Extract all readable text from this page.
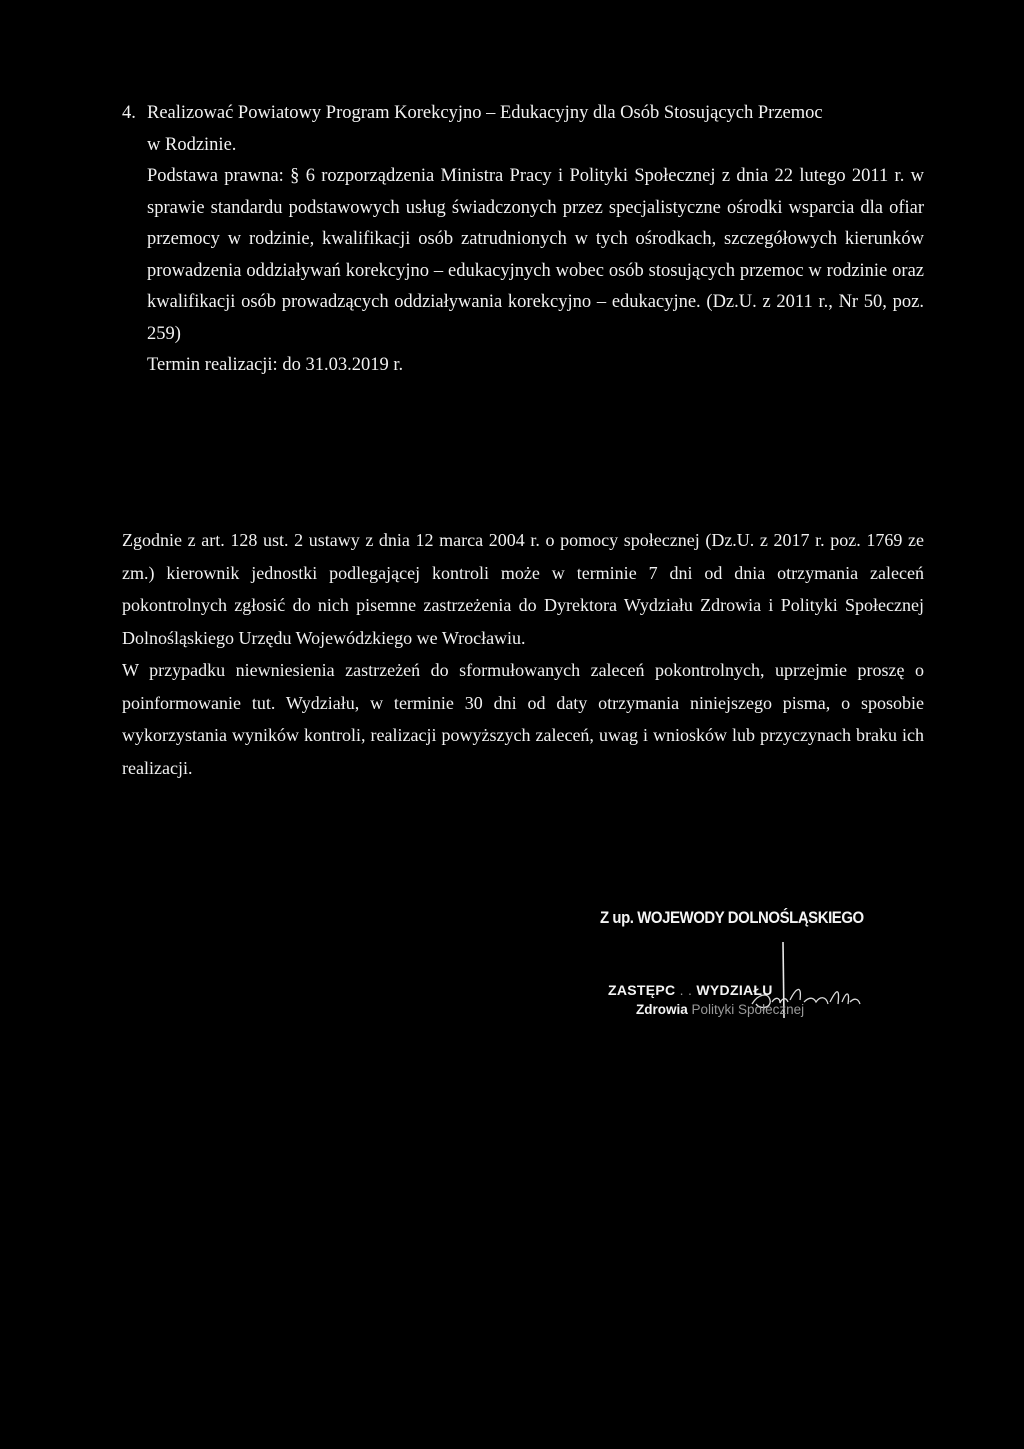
4. Realizować Powiatowy Program Korekcyjno – Edukacyjny dla Osób Stosujących Przemoc

w Rodzinie.

Podstawa prawna: § 6 rozporządzenia Ministra Pracy i Polityki Społecznej z dnia 22 lutego 2011 r. w sprawie standardu podstawowych usług świadczonych przez specjalistyczne ośrodki wsparcia dla ofiar przemocy w rodzinie, kwalifikacji osób zatrudnionych w tych ośrodkach, szczegółowych kierunków prowadzenia oddziaływań korekcyjno – edukacyjnych wobec osób stosujących przemoc w rodzinie oraz kwalifikacji osób prowadzących oddziaływania korekcyjno – edukacyjne. (Dz.U. z 2011 r., Nr 50, poz. 259)

Termin realizacji: do 31.03.2019 r.

Zgodnie z art. 128 ust. 2 ustawy z dnia 12 marca 2004 r. o pomocy społecznej (Dz.U. z 2017 r. poz. 1769 ze zm.) kierownik jednostki podlegającej kontroli może w terminie 7 dni od dnia otrzymania zaleceń pokontrolnych zgłosić do nich pisemne zastrzeżenia do Dyrektora Wydziału Zdrowia i Polityki Społecznej Dolnośląskiego Urzędu Wojewódzkiego we Wrocławiu.

W przypadku niewniesienia zastrzeżeń do sformułowanych zaleceń pokontrolnych, uprzejmie proszę o poinformowanie tut. Wydziału, w terminie 30 dni od daty otrzymania niniejszego pisma, o sposobie wykorzystania wyników kontroli, realizacji powyższych zaleceń, uwag i wniosków lub przyczynach braku ich realizacji.

Z up. WOJEWODY DOLNOŚLĄSKIEGO
ZASTĘPC . . WYDZIAŁU
Zdrowia Polityki Społecznej
